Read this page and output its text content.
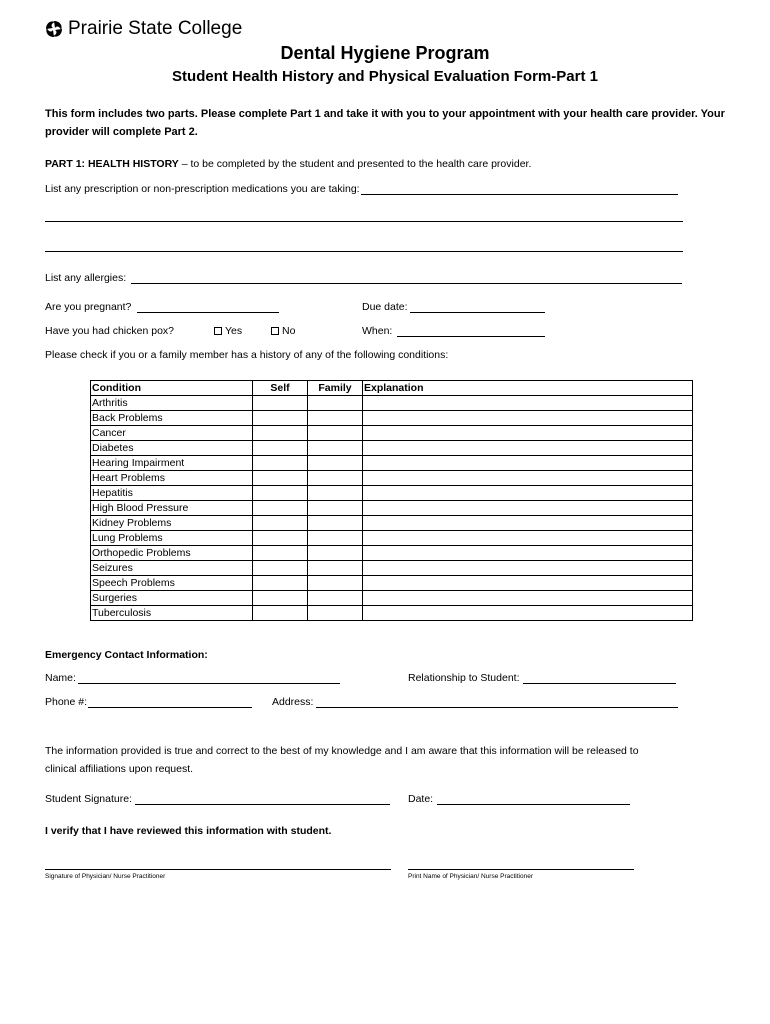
Prairie State College
Dental Hygiene Program
Student Health History and Physical Evaluation Form-Part 1
This form includes two parts. Please complete Part 1 and take it with you to your appointment with your health care provider. Your provider will complete Part 2.
PART 1: HEALTH HISTORY – to be completed by the student and presented to the health care provider.
List any prescription or non-prescription medications you are taking:
List any allergies:
Are you pregnant?	Due date:
Have you had chicken pox?	Yes	No	When:
Please check if you or a family member has a history of any of the following conditions:
Condition	Self	Family	Explanation
Arthritis			
Back Problems			
Cancer			
Diabetes			
Hearing Impairment			
Heart Problems			
Hepatitis			
High Blood Pressure			
Kidney Problems			
Lung Problems			
Orthopedic Problems			
Seizures			
Speech Problems			
Surgeries			
Tuberculosis			
Emergency Contact Information:
Name:	Relationship to Student:
Phone #:	Address:
The information provided is true and correct to the best of my knowledge and I am aware that this information will be released to clinical affiliations upon request.
Student Signature:	Date:
I verify that I have reviewed this information with student.
Signature of Physician/ Nurse Practitioner	Print Name of Physician/ Nurse Practitioner
